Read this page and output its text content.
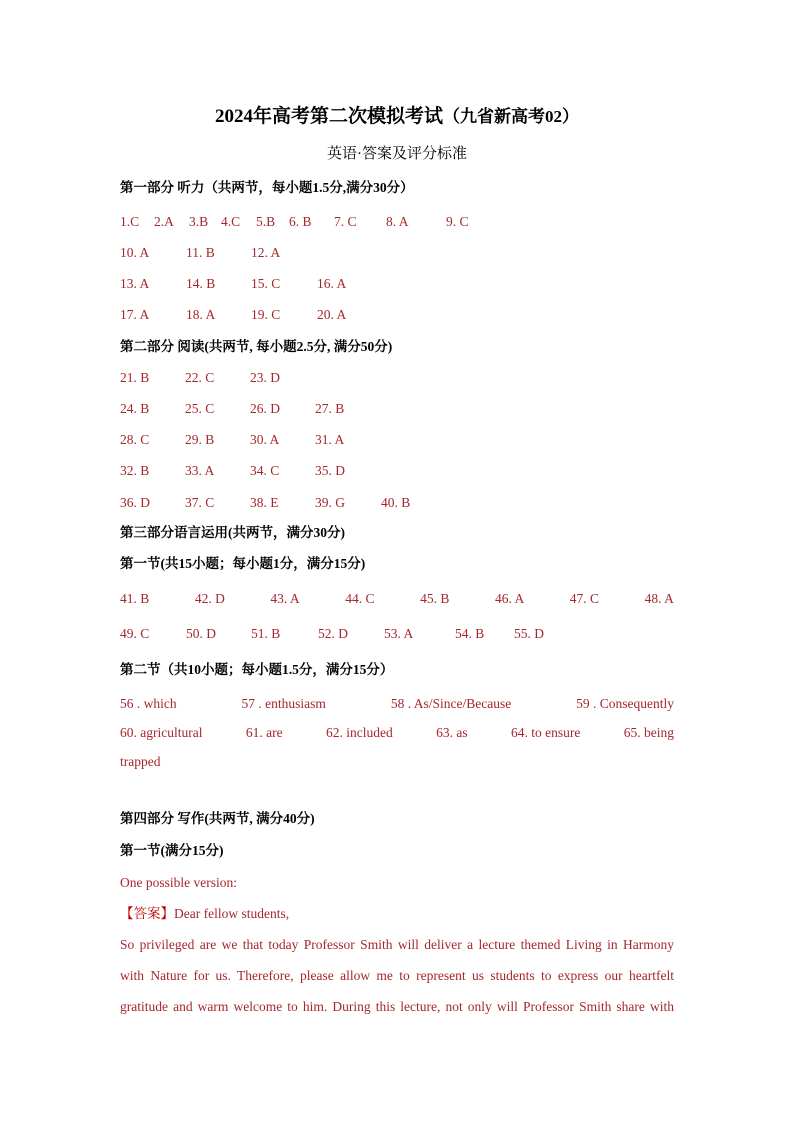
2024年高考第二次模拟考试（九省新高考02）
英语·答案及评分标准
第一部分 听力（共两节，每小题1.5分,满分30分）
1.C 2.A 3.B 4.C 5.B 6. B 7. C 8. A	9. C
10. A	11. B	12. A
13. A	14. B	15. C	16. A
17. A	18. A	19. C	20. A
第二部分 阅读(共两节, 每小题2.5分, 满分50分)
21. B	22. C	23. D
24. B	25. C	26. D	27. B
28. C	29. B	30. A	31. A
32. B	33. A	34. C	35. D
36. D	37. C	38. E	39. G	40. B
第三部分语言运用(共两节，满分30分)
第一节(共15小题；每小题1分，满分15分)
41. B	42. D	43. A	44. C	45. B	46. A	47. C	48. A
49. C	50. D	51. B	52. D	53. A	54. B 55. D
第二节（共10小题；每小题1.5分，满分15分）
56 . which	57 . enthusiasm	58 . As/Since/Because	59 . Consequently
60. agricultural	61. are	62. included	63. as	64. to ensure	65. being
trapped
第四部分 写作(共两节, 满分40分)
第一节(满分15分)
One possible version:
【答案】Dear fellow students,
So privileged are we that today Professor Smith will deliver a lecture themed Living in Harmony
with Nature for us. Therefore, please allow me to represent us students to express our heartfelt
gratitude and warm welcome to him. During this lecture, not only will Professor Smith share with
